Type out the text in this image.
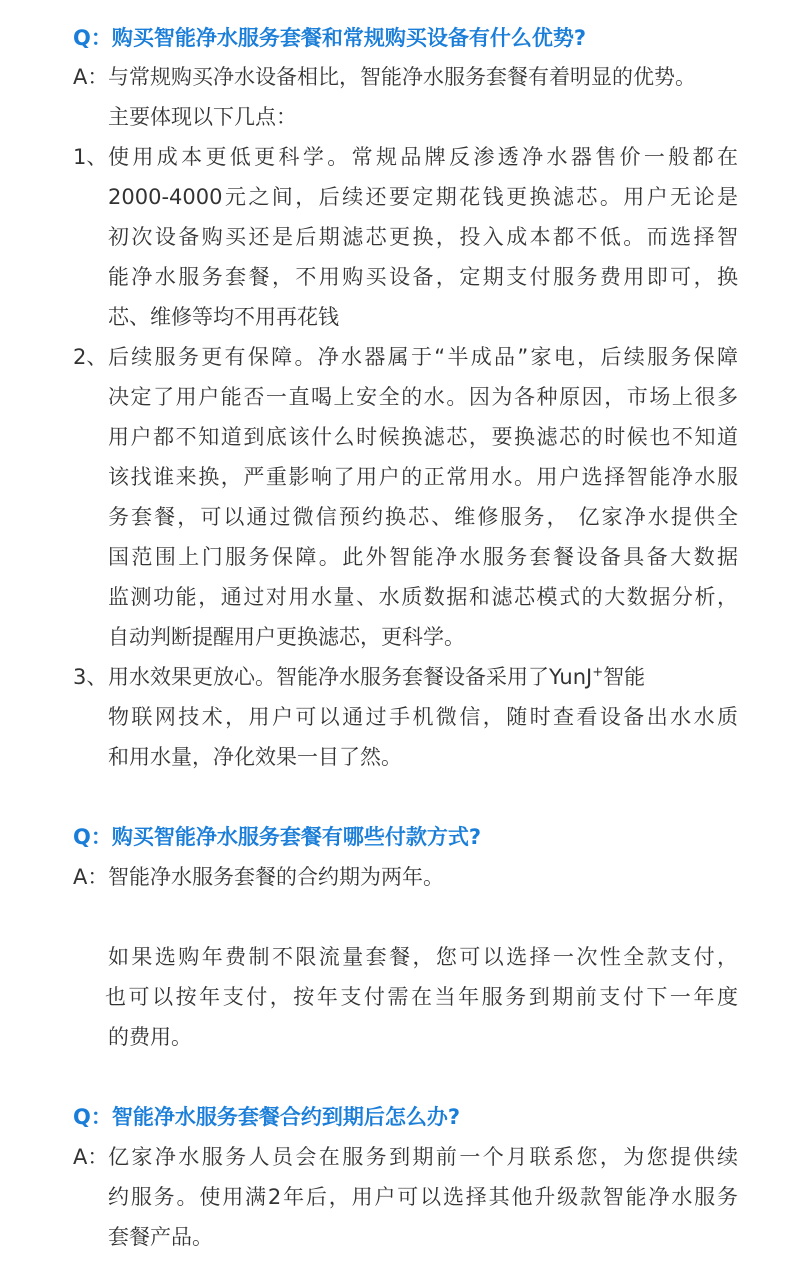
Q：购买智能净水服务套餐和常规购买设备有什么优势?
A： 与常规购买净水设备相比，智能净水服务套餐有着明显的优势。
主要体现以下几点：
1、 使用成本更低更科学。常规品牌反渗透净水器售价一般都在
2000-4000元之间，后续还要定期花钱更换滤芯。用户无论是
初次设备购买还是后期滤芯更换，投入成本都不低。而选择智
能净水服务套餐，不用购买设备，定期支付服务费用即可，换
芯、维修等均不用再花钱
2、 后续服务更有保障。净水器属于“半成品”家电，后续服务保障
决定了用户能否一直喝上安全的水。因为各种原因，市场上很多
用户都不知道到底该什么时候换滤芯，要换滤芯的时候也不知道
该找谁来换，严重影响了用户的正常用水。用户选择智能净水服
务套餐，可以通过微信预约换芯、维修服务， 亿家净水提供全
国范围上门服务保障。此外智能净水服务套餐设备具备大数据
监测功能，通过对用水量、水质数据和滤芯模式的大数据分析，
自动判断提醒用户更换滤芯，更科学。
3、 用水效果更放心。智能净水服务套餐设备采用了YunJ+智能
物联网技术，用户可以通过手机微信，随时查看设备出水水质
和用水量，净化效果一目了然。
Q：购买智能净水服务套餐有哪些付款方式?
A： 智能净水服务套餐的合约期为两年。
如果选购年费制不限流量套餐，您可以选择一次性全款支付，
也可以按年支付，按年支付需在当年服务到期前支付下一年度
的费用。
Q：智能净水服务套餐合约到期后怎么办?
A： 亿家净水服务人员会在服务到期前一个月联系您，为您提供续
约服务。使用满2年后，用户可以选择其他升级款智能净水服务
套餐产品。
